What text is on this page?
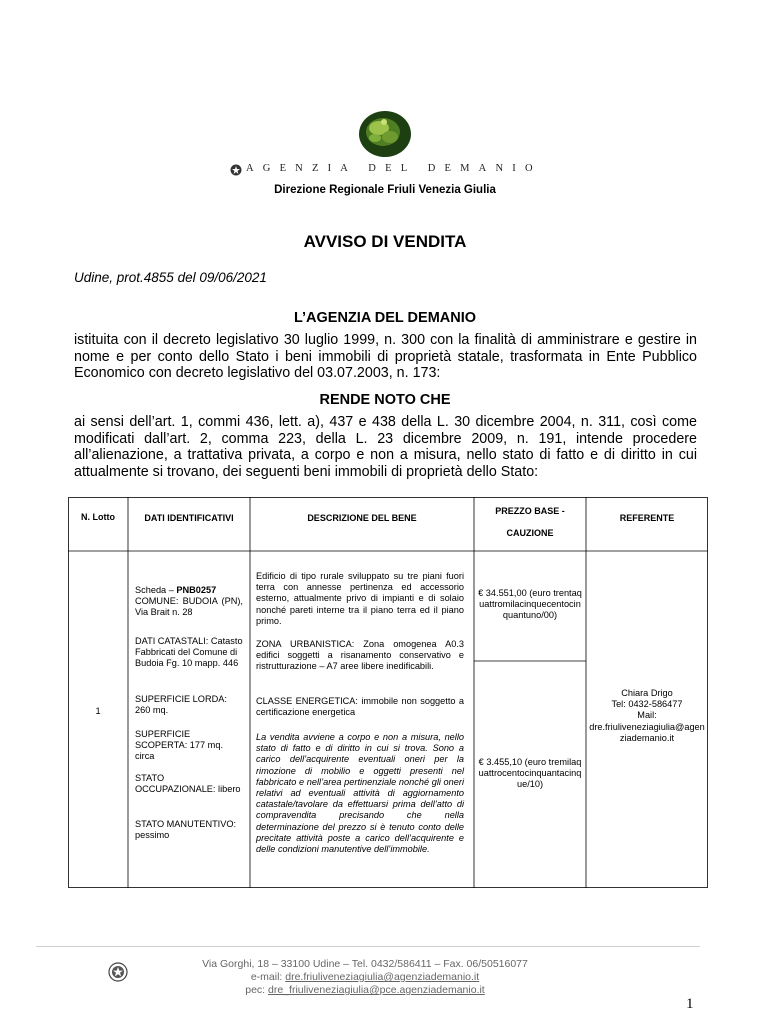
AGENZIA DEL DEMANIO
Direzione Regionale Friuli Venezia Giulia
AVVISO DI VENDITA
Udine, prot.4855 del 09/06/2021
L’AGENZIA DEL DEMANIO
istituita con il decreto legislativo 30 luglio 1999, n. 300 con la finalità di amministrare e gestire in nome e per conto dello Stato i beni immobili di proprietà statale, trasformata in Ente Pubblico Economico con decreto legislativo del 03.07.2003, n. 173:
RENDE NOTO CHE
ai sensi dell’art. 1, commi 436, lett. a), 437 e 438 della L. 30 dicembre 2004, n. 311, così come modificati dall’art. 2, comma 223, della L. 23 dicembre 2009, n. 191, intende procedere all’alienazione, a trattativa privata, a corpo e non a misura, nello stato di fatto e di diritto in cui attualmente si trovano, dei seguenti beni immobili di proprietà dello Stato:
N. Lotto	DATI IDENTIFICATIVI	DESCRIZIONE DEL BENE
PREZZO BASE -
CAUZIONE
REFERENTE
1
Scheda – PNB0257
COMUNE: BUDOIA (PN), Via Brait n. 28
DATI CATASTALI: Catasto Fabbricati del Comune di Budoia Fg. 10 mapp. 446
SUPERFICIE LORDA: 260 mq.
SUPERFICIE SCOPERTA: 177 mq. circa
STATO OCCUPAZIONALE: libero
STATO MANUTENTIVO: pessimo
Edificio di tipo rurale sviluppato su tre piani fuori terra con annesse pertinenza ed accessorio esterno, attualmente privo di impianti e di solaio nonché pareti interne tra il piano terra ed il piano primo.
ZONA URBANISTICA: Zona omogenea A0.3 edifici soggetti a risanamento conservativo e ristrutturazione – A7 aree libere inedificabili.
CLASSE ENERGETICA: immobile non soggetto a certificazione energetica
La vendita avviene a corpo e non a misura, nello stato di fatto e di diritto in cui si trova. Sono a carico dell’acquirente eventuali oneri per la rimozione di mobilio e oggetti presenti nel fabbricato e nell’area pertinenziale nonché gli oneri relativi ad eventuali attività di aggiornamento catastale/tavolare da effettuarsi prima dell’atto di compravendita precisando che nella determinazione del prezzo si è tenuto conto delle precitate attività poste a carico dell’acquirente e delle condizioni manutentive dell’immobile.
€ 34.551,00 (euro trentaquattromilacinquecentocinquantuno/00)
€ 3.455,10 (euro tremilaquattrocentocinquantacinque/10)
Chiara Drigo
Tel: 0432-586477
Mail:
dre.friuliveneziagiulia@agenziademanio.it
Via Gorghi, 18 – 33100 Udine – Tel. 0432/586411 – Fax. 06/50516077
e-mail: dre.friuliveneziagiulia@agenziademanio.it
pec: dre_friuliveneziagiulia@pce.agenziademanio.it
1
